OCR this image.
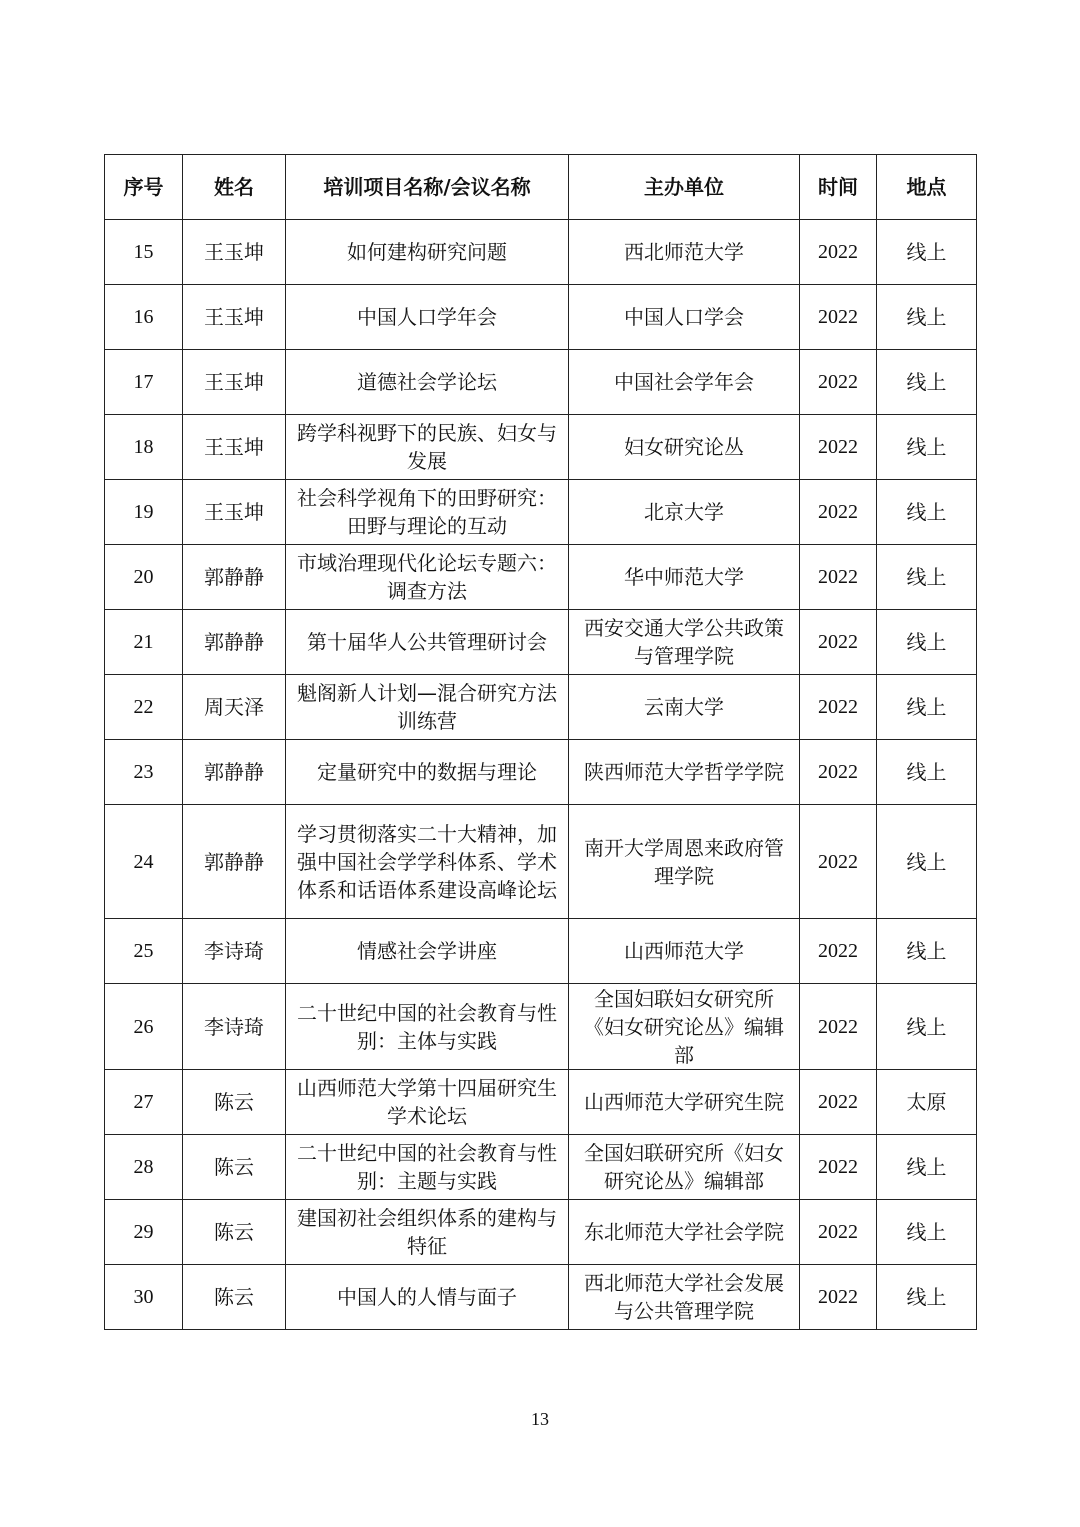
序号	姓名	培训项目名称/会议名称	主办单位	时间	地点
15	王玉坤	如何建构研究问题	西北师范大学	2022	线上
16	王玉坤	中国人口学年会	中国人口学会	2022	线上
17	王玉坤	道德社会学论坛	中国社会学年会	2022	线上
18	王玉坤	跨学科视野下的民族、妇女与发展	妇女研究论丛	2022	线上
19	王玉坤	社会科学视角下的田野研究：田野与理论的互动	北京大学	2022	线上
20	郭静静	市域治理现代化论坛专题六：调查方法	华中师范大学	2022	线上
21	郭静静	第十届华人公共管理研讨会	西安交通大学公共政策与管理学院	2022	线上
22	周天泽	魁阁新人计划—混合研究方法训练营	云南大学	2022	线上
23	郭静静	定量研究中的数据与理论	陕西师范大学哲学学院	2022	线上
24	郭静静	学习贯彻落实二十大精神，加强中国社会学学科体系、学术体系和话语体系建设高峰论坛	南开大学周恩来政府管理学院	2022	线上
25	李诗琦	情感社会学讲座	山西师范大学	2022	线上
26	李诗琦	二十世纪中国的社会教育与性别：主体与实践	全国妇联妇女研究所《妇女研究论丛》编辑部	2022	线上
27	陈云	山西师范大学第十四届研究生学术论坛	山西师范大学研究生院	2022	太原
28	陈云	二十世纪中国的社会教育与性别：主题与实践	全国妇联研究所《妇女研究论丛》编辑部	2022	线上
29	陈云	建国初社会组织体系的建构与特征	东北师范大学社会学院	2022	线上
30	陈云	中国人的人情与面子	西北师范大学社会发展与公共管理学院	2022	线上
13
